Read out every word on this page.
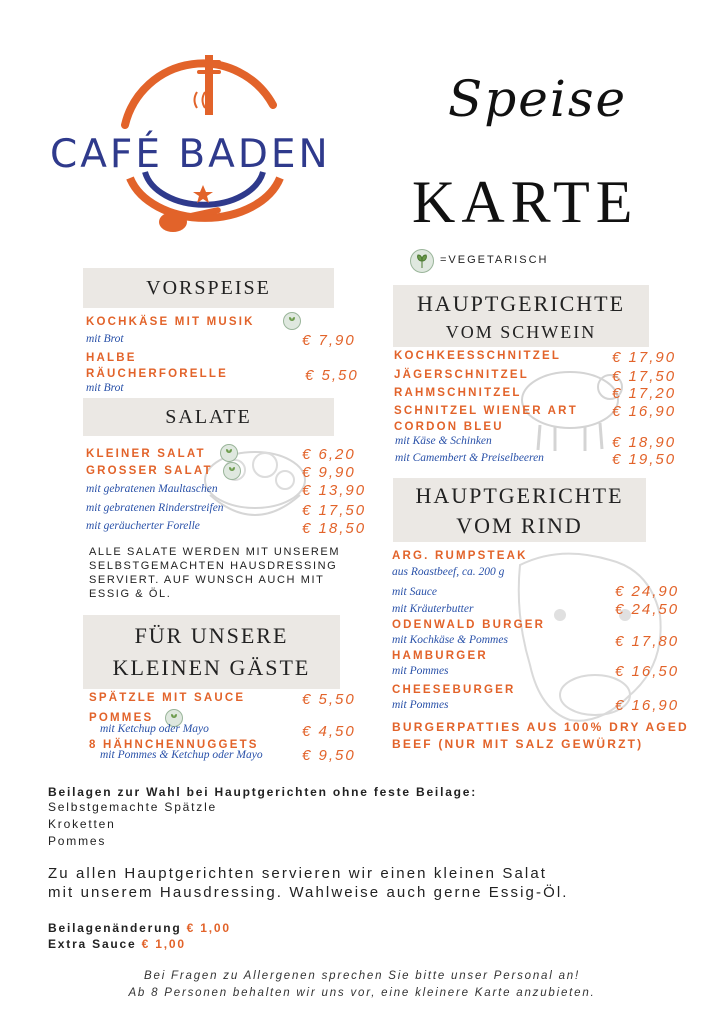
CAFÉ BADEN
Speise
KARTE
=VEGETARISCH
VORSPEISE
KOCHKÄSE MIT MUSIK
mit Brot	€ 7,90
HALBE
RÄUCHERFORELLE
mit Brot
€ 5,50
SALATE
KLEINER SALAT	€ 6,20
GROSSER SALAT	€ 9,90
mit gebratenen Maultaschen	€ 13,90
mit gebratenen Rinderstreifen	€ 17,50
mit geräucherter Forelle	€ 18,50
ALLE SALATE WERDEN MIT UNSEREM
SELBSTGEMACHTEN HAUSDRESSING
SERVIERT. AUF WUNSCH AUCH MIT
ESSIG & ÖL.
FÜR UNSERE
KLEINEN GÄSTE
SPÄTZLE MIT SAUCE	€ 5,50
POMMES
mit Ketchup oder Mayo	€ 4,50
8 HÄHNCHENNUGGETS
mit Pommes & Ketchup oder Mayo	€ 9,50
HAUPTGERICHTE
VOM SCHWEIN
KOCHKEESSCHNITZEL	€ 17,90
JÄGERSCHNITZEL	€ 17,50
RAHMSCHNITZEL	€ 17,20
SCHNITZEL WIENER ART € 16,90
CORDON BLEU
mit Käse & Schinken	€ 18,90
mit Camembert & Preiselbeeren	€ 19,50
HAUPTGERICHTE
VOM RIND
ARG. RUMPSTEAK
aus Roastbeef, ca. 200 g
mit Sauce	€ 24,90
mit Kräuterbutter	€ 24,50
ODENWALD BURGER
mit Kochkäse & Pommes	€ 17,80
HAMBURGER
mit Pommes	€ 16,50
CHEESEBURGER
mit Pommes	€ 16,90
BURGERPATTIES AUS 100% DRY AGED
BEEF (NUR MIT SALZ GEWÜRZT)
Beilagen zur Wahl bei Hauptgerichten ohne feste Beilage:
Selbstgemachte Spätzle
Kroketten
Pommes
Zu allen Hauptgerichten servieren wir einen kleinen Salat
mit unserem Hausdressing. Wahlweise auch gerne Essig-Öl.
Beilagenänderung € 1,00
Extra Sauce € 1,00
Bei Fragen zu Allergenen sprechen Sie bitte unser Personal an!
Ab 8 Personen behalten wir uns vor, eine kleinere Karte anzubieten.
